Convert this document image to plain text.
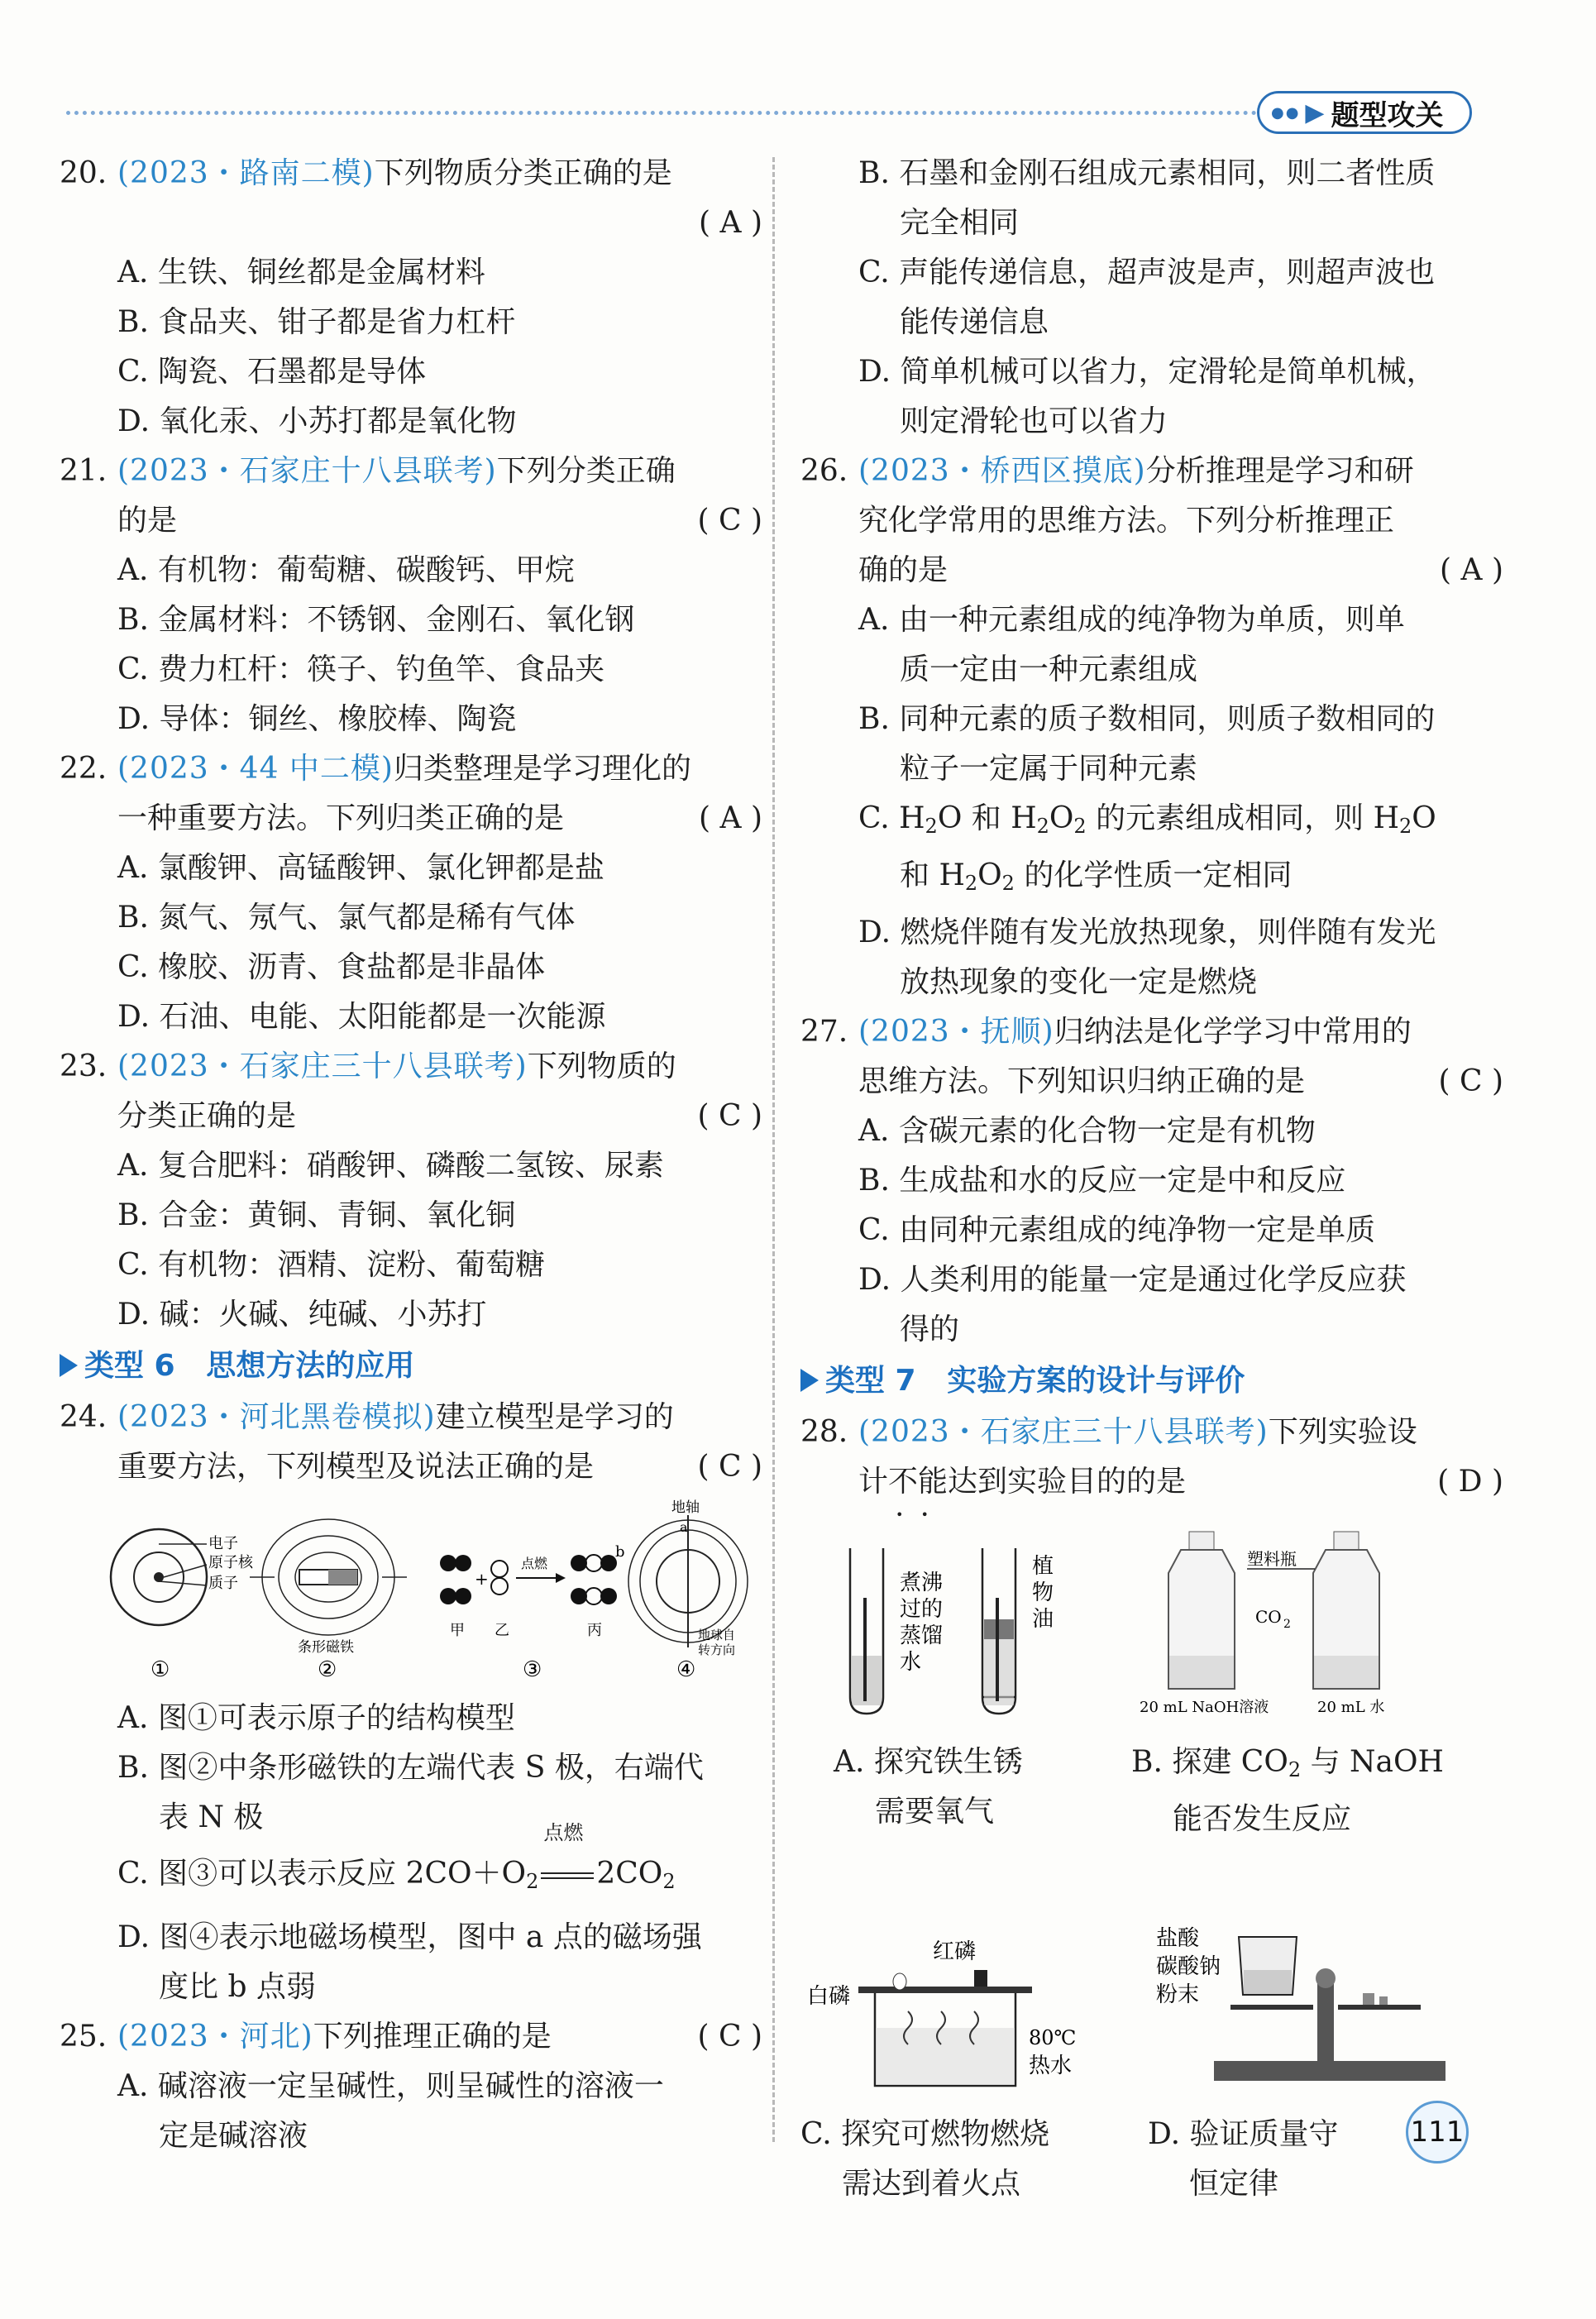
●● ▶ 题型攻关
20. (2023・路南二模)下列物质分类正确的是
( A )
A. 生铁、铜丝都是金属材料
B. 食品夹、钳子都是省力杠杆
C. 陶瓷、石墨都是导体
D. 氧化汞、小苏打都是氧化物
21. (2023・石家庄十八县联考)下列分类正确
的是	( C )
A. 有机物：葡萄糖、碳酸钙、甲烷
B. 金属材料：不锈钢、金刚石、氧化钢
C. 费力杠杆：筷子、钓鱼竿、食品夹
D. 导体：铜丝、橡胶棒、陶瓷
22. (2023・44 中二模)归类整理是学习理化的
一种重要方法。下列归类正确的是	( A )
A. 氯酸钾、高锰酸钾、氯化钾都是盐
B. 氮气、氖气、氯气都是稀有气体
C. 橡胶、沥青、食盐都是非晶体
D. 石油、电能、太阳能都是一次能源
23. (2023・石家庄三十八县联考)下列物质的
分类正确的是	( C )
A. 复合肥料：硝酸钾、磷酸二氢铵、尿素
B. 合金：黄铜、青铜、氧化铜
C. 有机物：酒精、淀粉、葡萄糖
D. 碱：火碱、纯碱、小苏打
类型 6 思想方法的应用
24. (2023・河北黑卷模拟)建立模型是学习的
重要方法，下列模型及说法正确的是	( C )
电子
原子核
质子
①
条形磁铁
②
+
点燃
甲 乙	丙
③
地轴
a
b
地球自
转方向
④
A. 图①可表示原子的结构模型
B. 图②中条形磁铁的左端代表 S 极，右端代
表 N 极
C. 图③可以表示反应 $2CO+O_2$
点燃
$2CO_2$
D. 图④表示地磁场模型，图中 a 点的磁场强
度比 b 点弱
25. (2023・河北)下列推理正确的是	( C )
A. 碱溶液一定呈碱性，则呈碱性的溶液一
定是碱溶液
B. 石墨和金刚石组成元素相同，则二者性质
完全相同
C. 声能传递信息，超声波是声，则超声波也
能传递信息
D. 简单机械可以省力，定滑轮是简单机械，
则定滑轮也可以省力
26. (2023・桥西区摸底)分析推理是学习和研
究化学常用的思维方法。下列分析推理正
确的是	( A )
A. 由一种元素组成的纯净物为单质，则单
质一定由一种元素组成
B. 同种元素的质子数相同，则质子数相同的
粒子一定属于同种元素
C. $H_2O$ 和 $H_2O_2$ 的元素组成相同，则 $H_2O$
和 $H_2O_2$ 的化学性质一定相同
D. 燃烧伴随有发光放热现象，则伴随有发光
放热现象的变化一定是燃烧
27. (2023・抚顺)归纳法是化学学习中常用的
思维方法。下列知识归纳正确的是	( C )
A. 含碳元素的化合物一定是有机物
B. 生成盐和水的反应一定是中和反应
C. 由同种元素组成的纯净物一定是单质
D. 人类利用的能量一定是通过化学反应获
得的
类型 7 实验方案的设计与评价
28. (2023・石家庄三十八县联考)下列实验设
计不能达到实验目的的是 • •	( D )
煮沸
过的
蒸馏
水
植
物
油
A. 探究铁生锈
需要氧气
塑料瓶
CO 2
20 mL NaOH溶液	20 mL 水
B. 探建 $CO_2$ 与 NaOH
能否发生反应
红磷
白磷
80℃
热水
C. 探究可燃物燃烧
需达到着火点
盐酸
碳酸钠
粉末
D. 验证质量守
恒定律
111
